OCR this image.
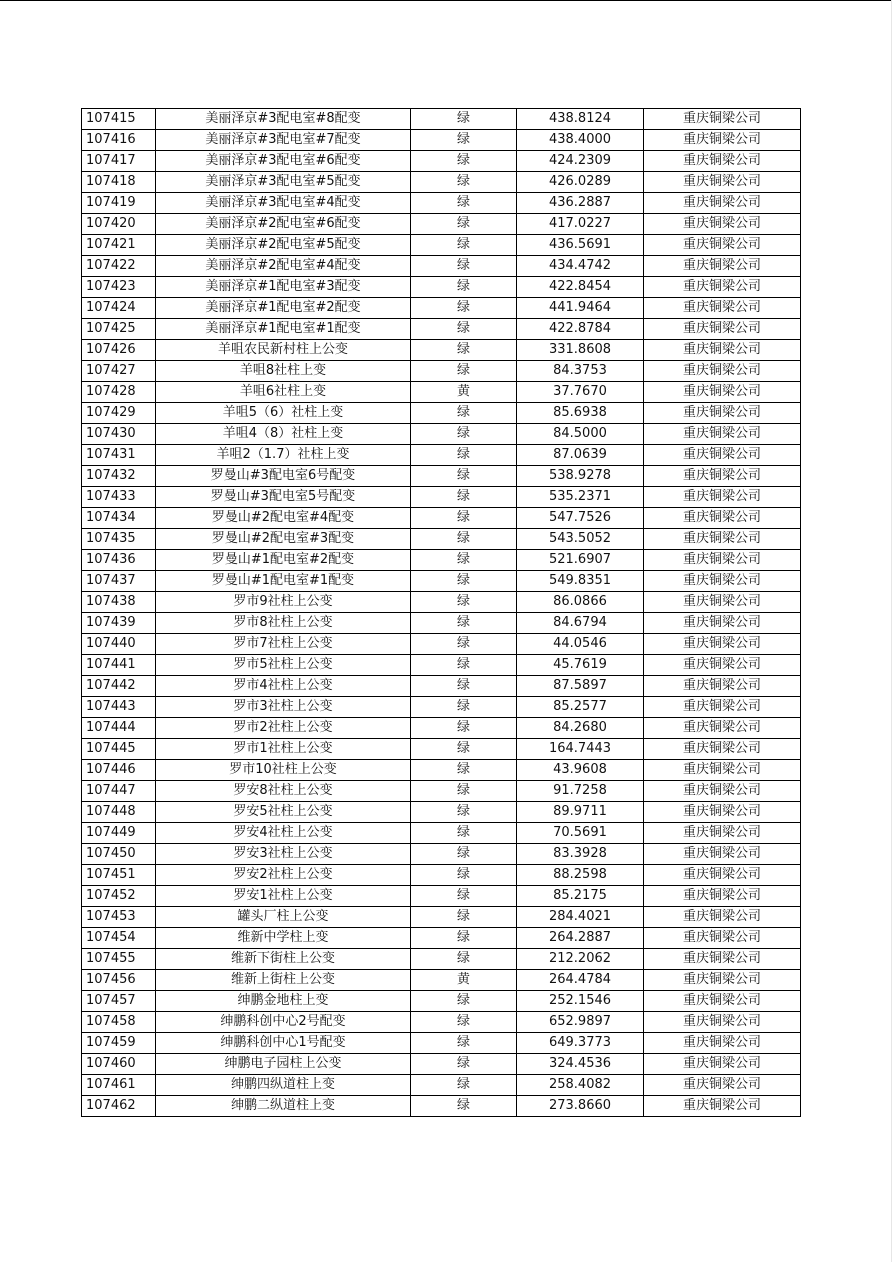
107415	美丽泽京#3配电室#8配变	绿	438.8124	重庆铜梁公司
107416	美丽泽京#3配电室#7配变	绿	438.4000	重庆铜梁公司
107417	美丽泽京#3配电室#6配变	绿	424.2309	重庆铜梁公司
107418	美丽泽京#3配电室#5配变	绿	426.0289	重庆铜梁公司
107419	美丽泽京#3配电室#4配变	绿	436.2887	重庆铜梁公司
107420	美丽泽京#2配电室#6配变	绿	417.0227	重庆铜梁公司
107421	美丽泽京#2配电室#5配变	绿	436.5691	重庆铜梁公司
107422	美丽泽京#2配电室#4配变	绿	434.4742	重庆铜梁公司
107423	美丽泽京#1配电室#3配变	绿	422.8454	重庆铜梁公司
107424	美丽泽京#1配电室#2配变	绿	441.9464	重庆铜梁公司
107425	美丽泽京#1配电室#1配变	绿	422.8784	重庆铜梁公司
107426	羊咀农民新村柱上公变	绿	331.8608	重庆铜梁公司
107427	羊咀8社柱上变	绿	84.3753	重庆铜梁公司
107428	羊咀6社柱上变	黄	37.7670	重庆铜梁公司
107429	羊咀5（6）社柱上变	绿	85.6938	重庆铜梁公司
107430	羊咀4（8）社柱上变	绿	84.5000	重庆铜梁公司
107431	羊咀2（1.7）社柱上变	绿	87.0639	重庆铜梁公司
107432	罗曼山#3配电室6号配变	绿	538.9278	重庆铜梁公司
107433	罗曼山#3配电室5号配变	绿	535.2371	重庆铜梁公司
107434	罗曼山#2配电室#4配变	绿	547.7526	重庆铜梁公司
107435	罗曼山#2配电室#3配变	绿	543.5052	重庆铜梁公司
107436	罗曼山#1配电室#2配变	绿	521.6907	重庆铜梁公司
107437	罗曼山#1配电室#1配变	绿	549.8351	重庆铜梁公司
107438	罗市9社柱上公变	绿	86.0866	重庆铜梁公司
107439	罗市8社柱上公变	绿	84.6794	重庆铜梁公司
107440	罗市7社柱上公变	绿	44.0546	重庆铜梁公司
107441	罗市5社柱上公变	绿	45.7619	重庆铜梁公司
107442	罗市4社柱上公变	绿	87.5897	重庆铜梁公司
107443	罗市3社柱上公变	绿	85.2577	重庆铜梁公司
107444	罗市2社柱上公变	绿	84.2680	重庆铜梁公司
107445	罗市1社柱上公变	绿	164.7443	重庆铜梁公司
107446	罗市10社柱上公变	绿	43.9608	重庆铜梁公司
107447	罗安8社柱上公变	绿	91.7258	重庆铜梁公司
107448	罗安5社柱上公变	绿	89.9711	重庆铜梁公司
107449	罗安4社柱上公变	绿	70.5691	重庆铜梁公司
107450	罗安3社柱上公变	绿	83.3928	重庆铜梁公司
107451	罗安2社柱上公变	绿	88.2598	重庆铜梁公司
107452	罗安1社柱上公变	绿	85.2175	重庆铜梁公司
107453	罐头厂柱上公变	绿	284.4021	重庆铜梁公司
107454	维新中学柱上变	绿	264.2887	重庆铜梁公司
107455	维新下街柱上公变	绿	212.2062	重庆铜梁公司
107456	维新上街柱上公变	黄	264.4784	重庆铜梁公司
107457	绅鹏金地柱上变	绿	252.1546	重庆铜梁公司
107458	绅鹏科创中心2号配变	绿	652.9897	重庆铜梁公司
107459	绅鹏科创中心1号配变	绿	649.3773	重庆铜梁公司
107460	绅鹏电子园柱上公变	绿	324.4536	重庆铜梁公司
107461	绅鹏四纵道柱上变	绿	258.4082	重庆铜梁公司
107462	绅鹏二纵道柱上变	绿	273.8660	重庆铜梁公司
